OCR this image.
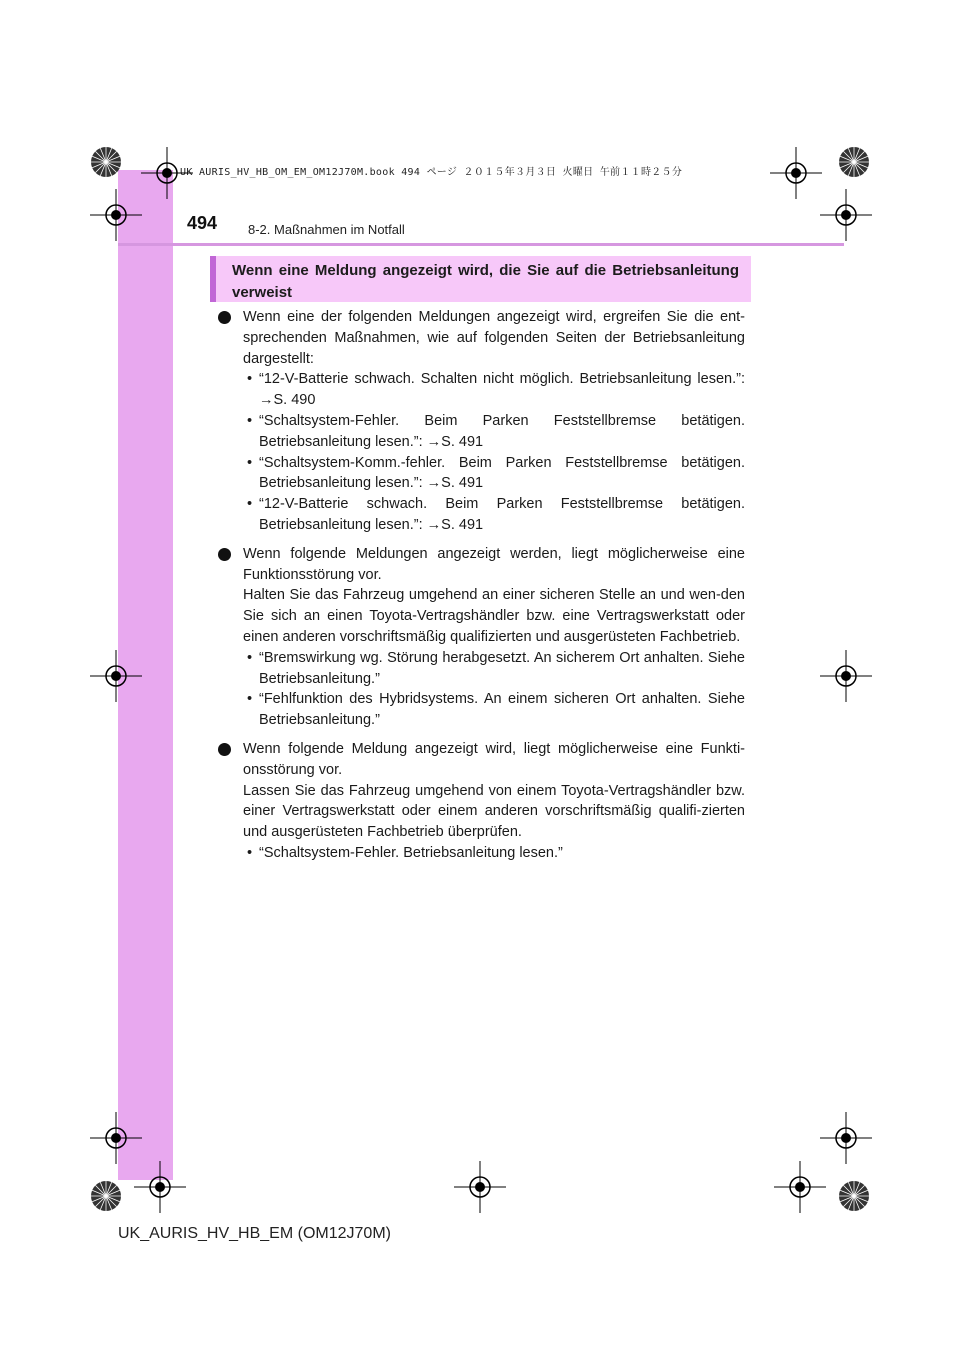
UK AURIS_HV_HB_OM_EM_OM12J70M.book 494 ページ ２０１５年３月３日 火曜日 午前１１時２５分
494 8-2. Maßnahmen im Notfall
Wenn eine Meldung angezeigt wird, die Sie auf die Betriebsanleitung verweist
Wenn eine der folgenden Meldungen angezeigt wird, ergreifen Sie die ent-sprechenden Maßnahmen, wie auf folgenden Seiten der Betriebsanleitung dargestellt:
• “12-V-Batterie schwach. Schalten nicht möglich. Betriebsanleitung lesen.”: →S. 490
• “Schaltsystem-Fehler. Beim Parken Feststellbremse betätigen. Betriebsanleitung lesen.”: →S. 491
• “Schaltsystem-Komm.-fehler. Beim Parken Feststellbremse betätigen. Betriebsanleitung lesen.”: →S. 491
• “12-V-Batterie schwach. Beim Parken Feststellbremse betätigen. Betriebsanleitung lesen.”: →S. 491
Wenn folgende Meldungen angezeigt werden, liegt möglicherweise eine Funktionsstörung vor.
Halten Sie das Fahrzeug umgehend an einer sicheren Stelle an und wen-den Sie sich an einen Toyota-Vertragshändler bzw. eine Vertragswerkstatt oder einen anderen vorschriftsmäßig qualifizierten und ausgerüsteten Fachbetrieb.
• “Bremswirkung wg. Störung herabgesetzt. An sicherem Ort anhalten. Siehe Betriebsanleitung.”
• “Fehlfunktion des Hybridsystems. An einem sicheren Ort anhalten. Siehe Betriebsanleitung.”
Wenn folgende Meldung angezeigt wird, liegt möglicherweise eine Funkti-onsstörung vor.
Lassen Sie das Fahrzeug umgehend von einem Toyota-Vertragshändler bzw. einer Vertragswerkstatt oder einem anderen vorschriftsmäßig qualifi-zierten und ausgerüsteten Fachbetrieb überprüfen.
• “Schaltsystem-Fehler. Betriebsanleitung lesen.”
UK_AURIS_HV_HB_EM (OM12J70M)
